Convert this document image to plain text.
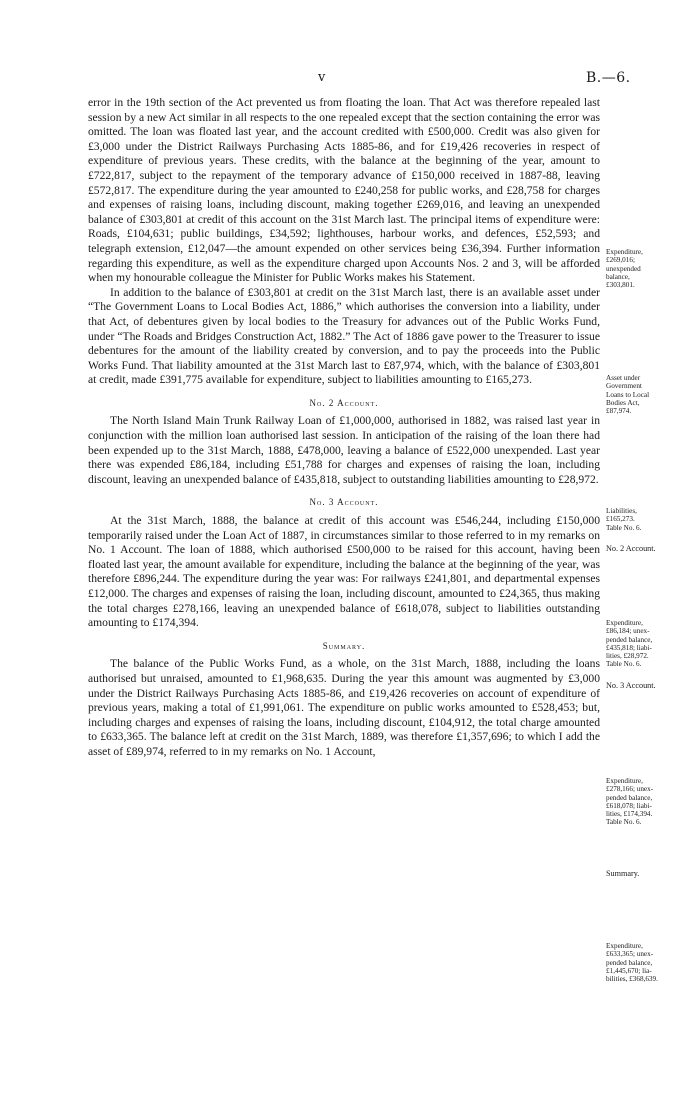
v	B.—6.

error in the 19th section of the Act prevented us from floating the loan. That Act was therefore repealed last session by a new Act similar in all respects to the one repealed except that the section containing the error was omitted. The loan was floated last year, and the account credited with £500,000. Credit was also given for £3,000 under the District Railways Purchasing Acts 1885-86, and for £19,426 recoveries in respect of expenditure of previous years. These credits, with the balance at the beginning of the year, amount to £722,817, subject to the repayment of the temporary advance of £150,000 received in 1887-88, leaving £572,817. The expenditure during the year amounted to £240,258 for public works, and £28,758 for charges and expenses of raising loans, including discount, making together £269,016, and leaving an unexpended balance of £303,801 at credit of this account on the 31st March last. The principal items of expenditure were: Roads, £104,631; public buildings, £34,592; lighthouses, harbour works, and defences, £52,593; and telegraph extension, £12,047—the amount expended on other services being £36,394. Further information regarding this expenditure, as well as the expenditure charged upon Accounts Nos. 2 and 3, will be afforded when my honourable colleague the Minister for Public Works makes his Statement.

In addition to the balance of £303,801 at credit on the 31st March last, there is an available asset under “The Government Loans to Local Bodies Act, 1886,” which authorises the conversion into a liability, under that Act, of debentures given by local bodies to the Treasury for advances out of the Public Works Fund, under “The Roads and Bridges Construction Act, 1882.” The Act of 1886 gave power to the Treasurer to issue debentures for the amount of the liability created by conversion, and to pay the proceeds into the Public Works Fund. That liability amounted at the 31st March last to £87,974, which, with the balance of £303,801 at credit, made £391,775 available for expenditure, subject to liabilities amounting to £165,273.

No. 2 Account.

The North Island Main Trunk Railway Loan of £1,000,000, authorised in 1882, was raised last year in conjunction with the million loan authorised last session. In anticipation of the raising of the loan there had been expended up to the 31st March, 1888, £478,000, leaving a balance of £522,000 unexpended. Last year there was expended £86,184, including £51,788 for charges and expenses of raising the loan, including discount, leaving an unexpended balance of £435,818, subject to outstanding liabilities amounting to £28,972.

No. 3 Account.

At the 31st March, 1888, the balance at credit of this account was £546,244, including £150,000 temporarily raised under the Loan Act of 1887, in circumstances similar to those referred to in my remarks on No. 1 Account. The loan of 1888, which authorised £500,000 to be raised for this account, having been floated last year, the amount available for expenditure, including the balance at the beginning of the year, was therefore £896,244. The expenditure during the year was: For railways £241,801, and departmental expenses £12,000. The charges and expenses of raising the loan, including discount, amounted to £24,365, thus making the total charges £278,166, leaving an unexpended balance of £618,078, subject to liabilities outstanding amounting to £174,394.

Summary.

The balance of the Public Works Fund, as a whole, on the 31st March, 1888, including the loans authorised but unraised, amounted to £1,968,635. During the year this amount was augmented by £3,000 under the District Railways Purchasing Acts 1885-86, and £19,426 recoveries on account of expenditure of previous years, making a total of £1,991,061. The expenditure on public works amounted to £528,453; but, including charges and expenses of raising the loans, including discount, £104,912, the total charge amounted to £633,365. The balance left at credit on the 31st March, 1889, was therefore £1,357,696; to which I add the asset of £89,974, referred to in my remarks on No. 1 Account,

Expenditure,
£269,016;
unexpended
balance,
£303,801.
Asset under
Government
Loans to Local
Bodies Act,
£87,974.
Liabilities,
£165,273.
Table No. 6.
No. 2 Account.
Expenditure,
£86,184; unex-
pended balance,
£435,818; liabi-
lities, £28,972.
Table No. 6.
No. 3 Account.
Expenditure,
£278,166; unex-
pended balance,
£618,078; liabi-
lities, £174,394.
Table No. 6.
Summary.
Expenditure,
£633,365; unex-
pended balance,
£1,445,670; lia-
bilities, £368,639.
